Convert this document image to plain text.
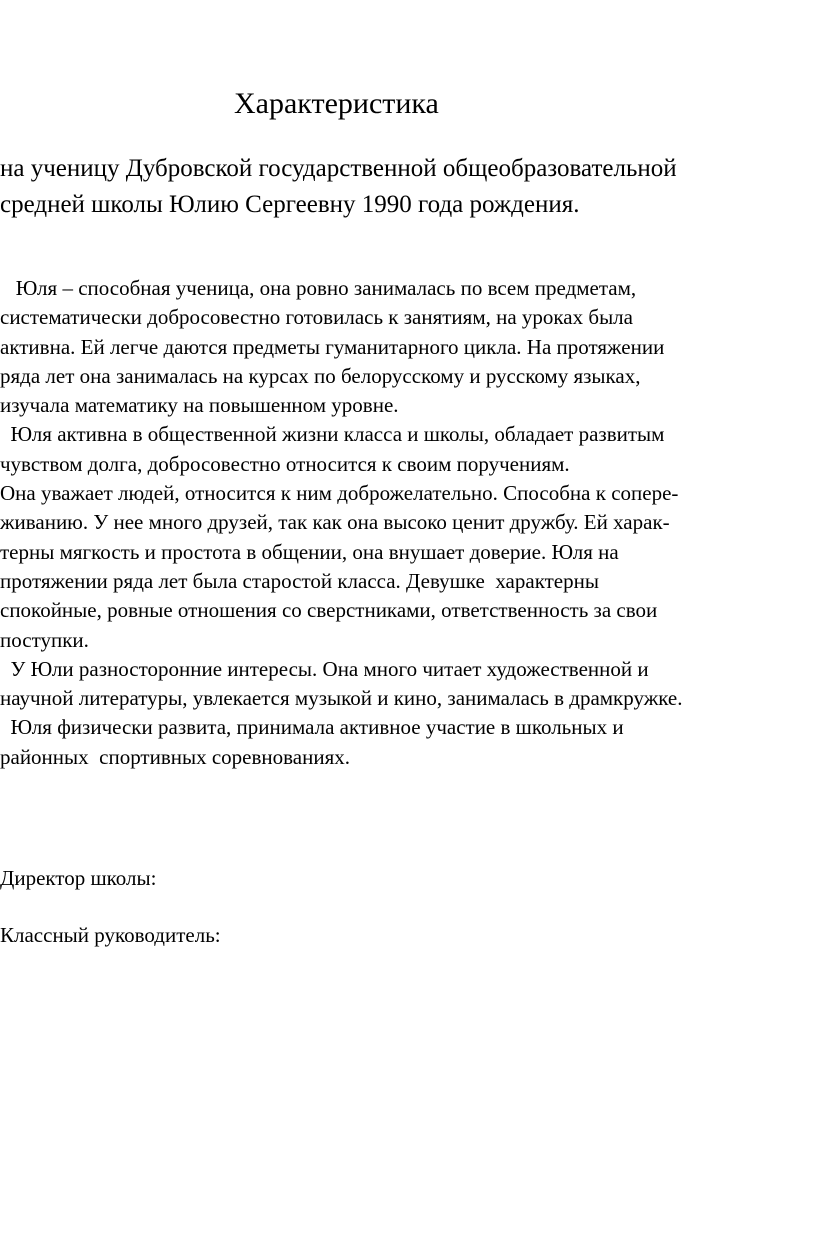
Характеристика
на ученицу Дубровской государственной общеобразовательной
средней школы Юлию Сергеевну 1990 года рождения.
Юля – способная ученица, она ровно занималась по всем предметам,
систематически добросовестно готовилась к занятиям, на уроках была
активна. Ей легче даются предметы гуманитарного цикла. На протяжении
ряда лет она занималась на курсах по белорусскому и русскому языках,
изучала математику на повышенном уровне.
Юля активна в общественной жизни класса и школы, обладает развитым
чувством долга, добросовестно относится к своим поручениям.
Она уважает людей, относится к ним доброжелательно. Способна к сопере-
живанию. У нее много друзей, так как она высоко ценит дружбу. Ей харак-
терны мягкость и простота в общении, она внушает доверие. Юля на
протяжении ряда лет была старостой класса. Девушке  характерны
спокойные, ровные отношения со сверстниками, ответственность за свои
поступки.
У Юли разносторонние интересы. Она много читает художественной и
научной литературы, увлекается музыкой и кино, занималась в драмкружке.
Юля физически развита, принимала активное участие в школьных и
районных  спортивных соревнованиях.
Директор школы:
Классный руководитель:
